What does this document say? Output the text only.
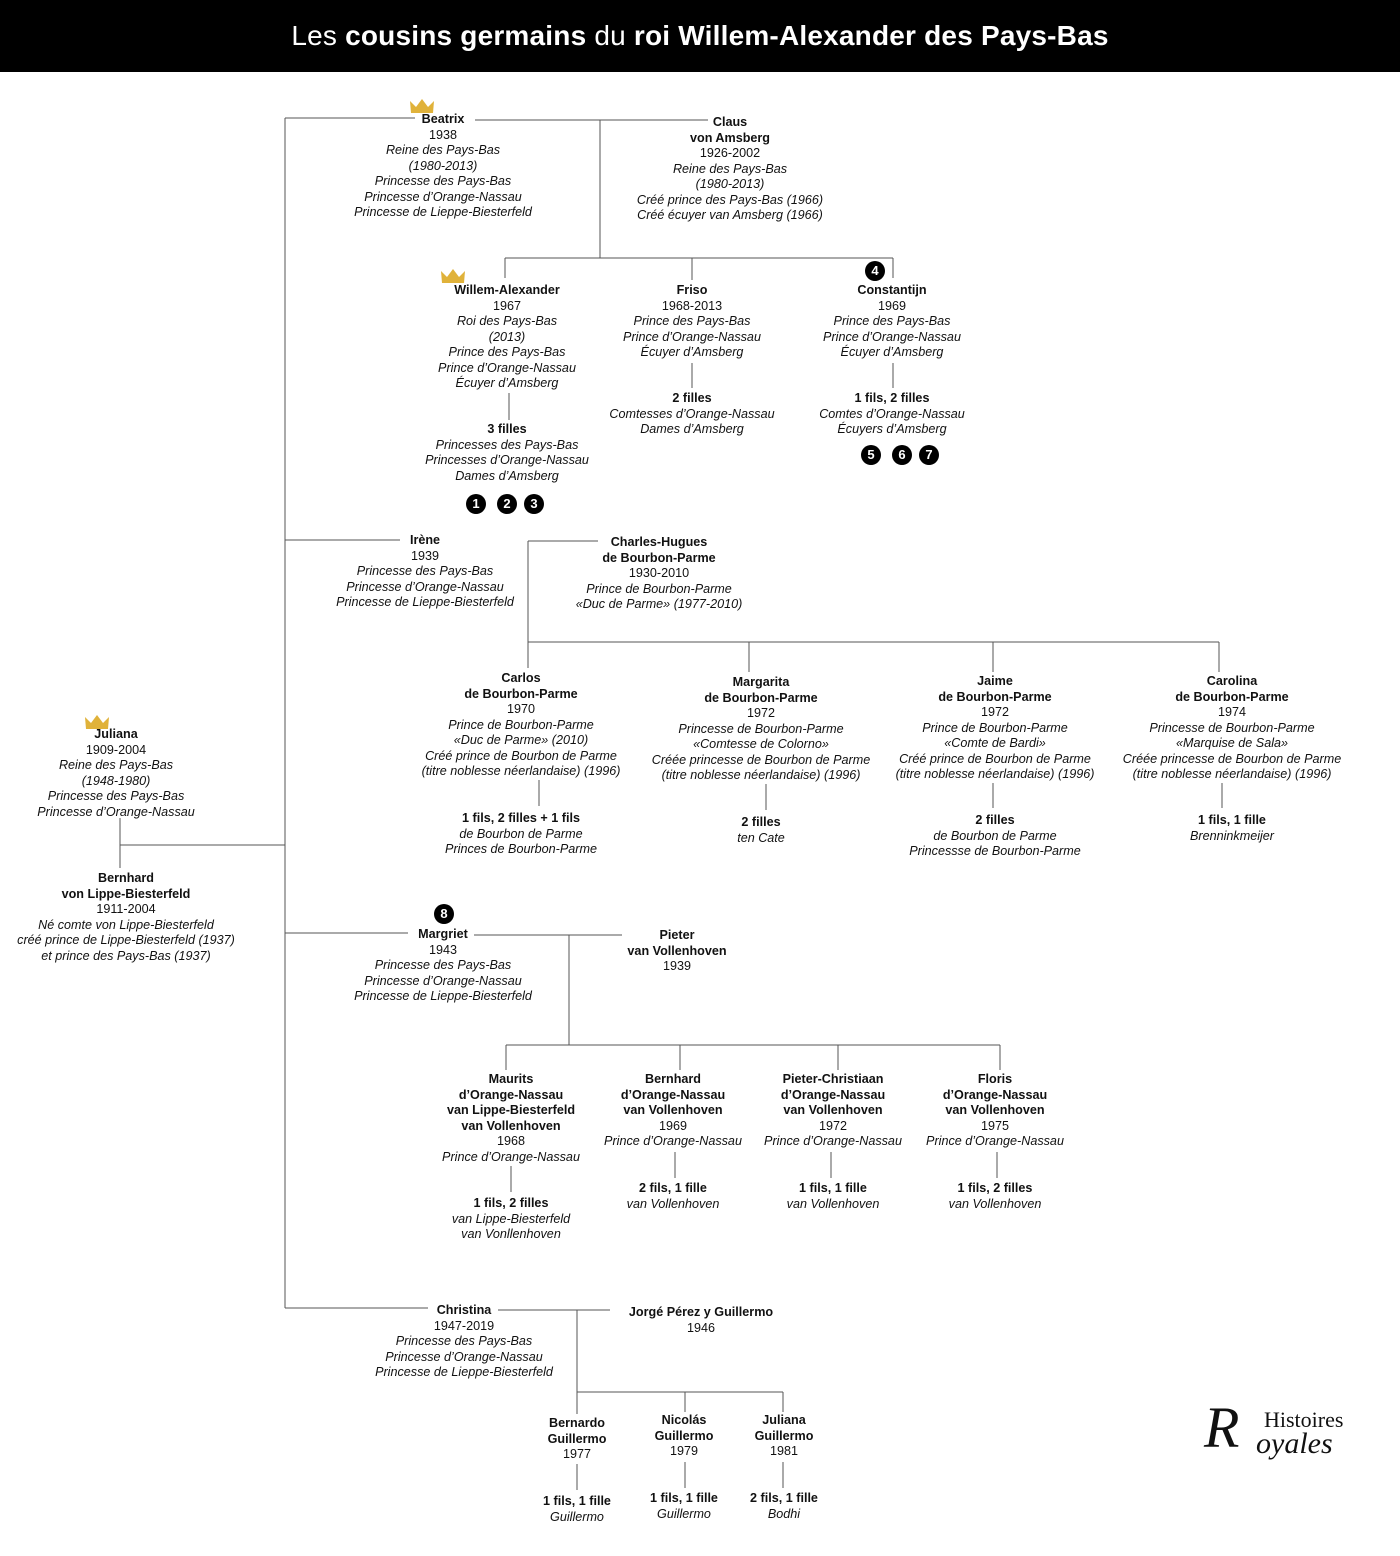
Les cousins germains du roi Willem-Alexander des Pays-Bas
1	2	3
4
5	6	7
8
Juliana
1909-2004
Reine des Pays-Bas
(1948-1980)
Princesse des Pays-Bas
Princesse d’Orange-Nassau
Bernhard
von Lippe-Biesterfeld
1911-2004
Né comte von Lippe-Biesterfeld
créé prince de Lippe-Biesterfeld (1937)
et prince des Pays-Bas (1937)
Beatrix
1938
Reine des Pays-Bas
(1980-2013)
Princesse des Pays-Bas
Princesse d’Orange-Nassau
Princesse de Lieppe-Biesterfeld
Claus
von Amsberg
1926-2002
Reine des Pays-Bas
(1980-2013)
Créé prince des Pays-Bas (1966)
Créé écuyer van Amsberg (1966)
Willem-Alexander
1967
Roi des Pays-Bas
(2013)
Prince des Pays-Bas
Prince d’Orange-Nassau
Écuyer d’Amsberg
3 filles
Princesses des Pays-Bas
Princesses d’Orange-Nassau
Dames d’Amsberg
Friso
1968-2013
Prince des Pays-Bas
Prince d’Orange-Nassau
Écuyer d’Amsberg
2 filles
Comtesses d’Orange-Nassau
Dames d’Amsberg
Constantijn
1969
Prince des Pays-Bas
Prince d’Orange-Nassau
Écuyer d’Amsberg
1 fils, 2 filles
Comtes d’Orange-Nassau
Écuyers d’Amsberg
Irène
1939
Princesse des Pays-Bas
Princesse d’Orange-Nassau
Princesse de Lieppe-Biesterfeld
Charles-Hugues
de Bourbon-Parme
1930-2010
Prince de Bourbon-Parme
«Duc de Parme» (1977-2010)
Carlos
de Bourbon-Parme
1970
Prince de Bourbon-Parme
«Duc de Parme» (2010)
Créé prince de Bourbon de Parme
(titre noblesse néerlandaise) (1996)
1 fils, 2 filles + 1 fils
de Bourbon de Parme
Princes de Bourbon-Parme
Margarita
de Bourbon-Parme
1972
Princesse de Bourbon-Parme
«Comtesse de Colorno»
Créée princesse de Bourbon de Parme
(titre noblesse néerlandaise) (1996)
2 filles
ten Cate
Jaime
de Bourbon-Parme
1972
Prince de Bourbon-Parme
«Comte de Bardi»
Créé prince de Bourbon de Parme
(titre noblesse néerlandaise) (1996)
2 filles
de Bourbon de Parme
Princessse de Bourbon-Parme
Carolina
de Bourbon-Parme
1974
Princesse de Bourbon-Parme
«Marquise de Sala»
Créée princesse de Bourbon de Parme
(titre noblesse néerlandaise) (1996)
1 fils, 1 fille
Brenninkmeijer
Margriet
1943
Princesse des Pays-Bas
Princesse d’Orange-Nassau
Princesse de Lieppe-Biesterfeld
Pieter
van Vollenhoven
1939
Maurits
d’Orange-Nassau
van Lippe-Biesterfeld
van Vollenhoven
1968
Prince d’Orange-Nassau
1 fils, 2 filles
van Lippe-Biesterfeld
van Vonllenhoven
Bernhard
d’Orange-Nassau
van Vollenhoven
1969
Prince d’Orange-Nassau
2 fils, 1 fille
van Vollenhoven
Pieter-Christiaan
d’Orange-Nassau
van Vollenhoven
1972
Prince d’Orange-Nassau
1 fils, 1 fille
van Vollenhoven
Floris
d’Orange-Nassau
van Vollenhoven
1975
Prince d’Orange-Nassau
1 fils, 2 filles
van Vollenhoven
Christina
1947-2019
Princesse des Pays-Bas
Princesse d’Orange-Nassau
Princesse de Lieppe-Biesterfeld
Jorgé Pérez y Guillermo
1946
Bernardo
Guillermo
1977
1 fils, 1 fille
Guillermo
Nicolás
Guillermo
1979
1 fils, 1 fille
Guillermo
Juliana
Guillermo
1981
2 fils, 1 fille
Bodhi
R Histoires
oyales
